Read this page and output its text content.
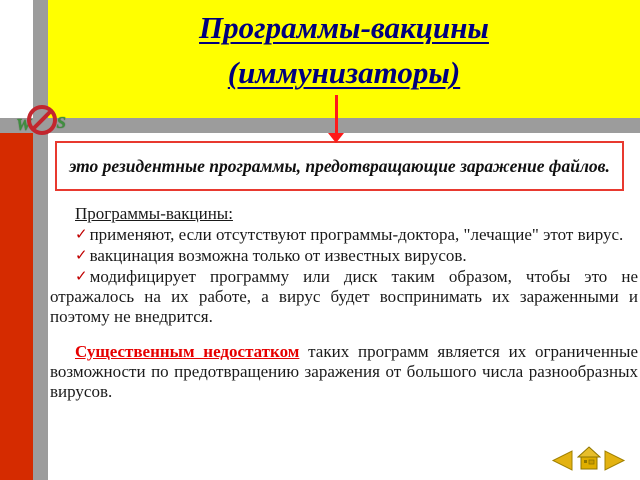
Программы-вакцины
(иммунизаторы)
W S
это резидентные программы, предотвращающие заражение файлов.

Программы-вакцины:

✓ применяют, если отсутствуют программы-доктора, "лечащие" этот вирус.

✓ вакцинация возможна только от известных вирусов.

✓ модифицирует программу или диск таким образом, чтобы это не отражалось на их работе, а вирус будет воспринимать их зараженными и поэтому не внедрится.

Существенным недостатком таких программ является их ограниченные возможности по предотвращению заражения от большого числа разнообразных вирусов.
